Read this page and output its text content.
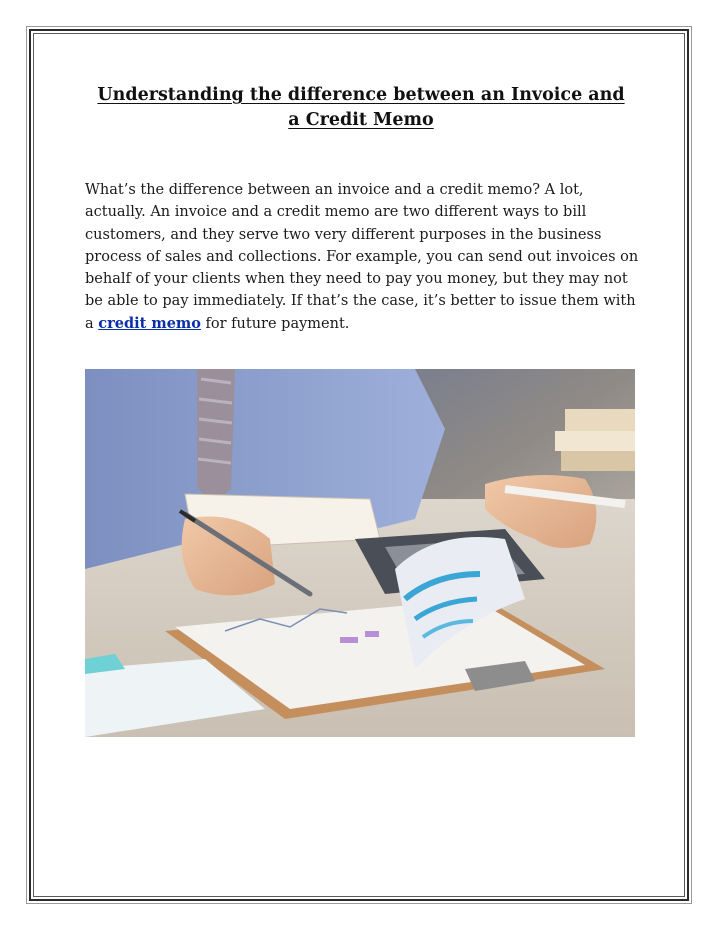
Understanding the difference between an Invoice and a Credit Memo

What’s the difference between an invoice and a credit memo? A lot, actually. An invoice and a credit memo are two different ways to bill customers, and they serve two very different purposes in the business process of sales and collections. For example, you can send out invoices on behalf of your clients when they need to pay you money, but they may not be able to pay immediately. If that’s the case, it’s better to issue them with a credit memo for future payment.
